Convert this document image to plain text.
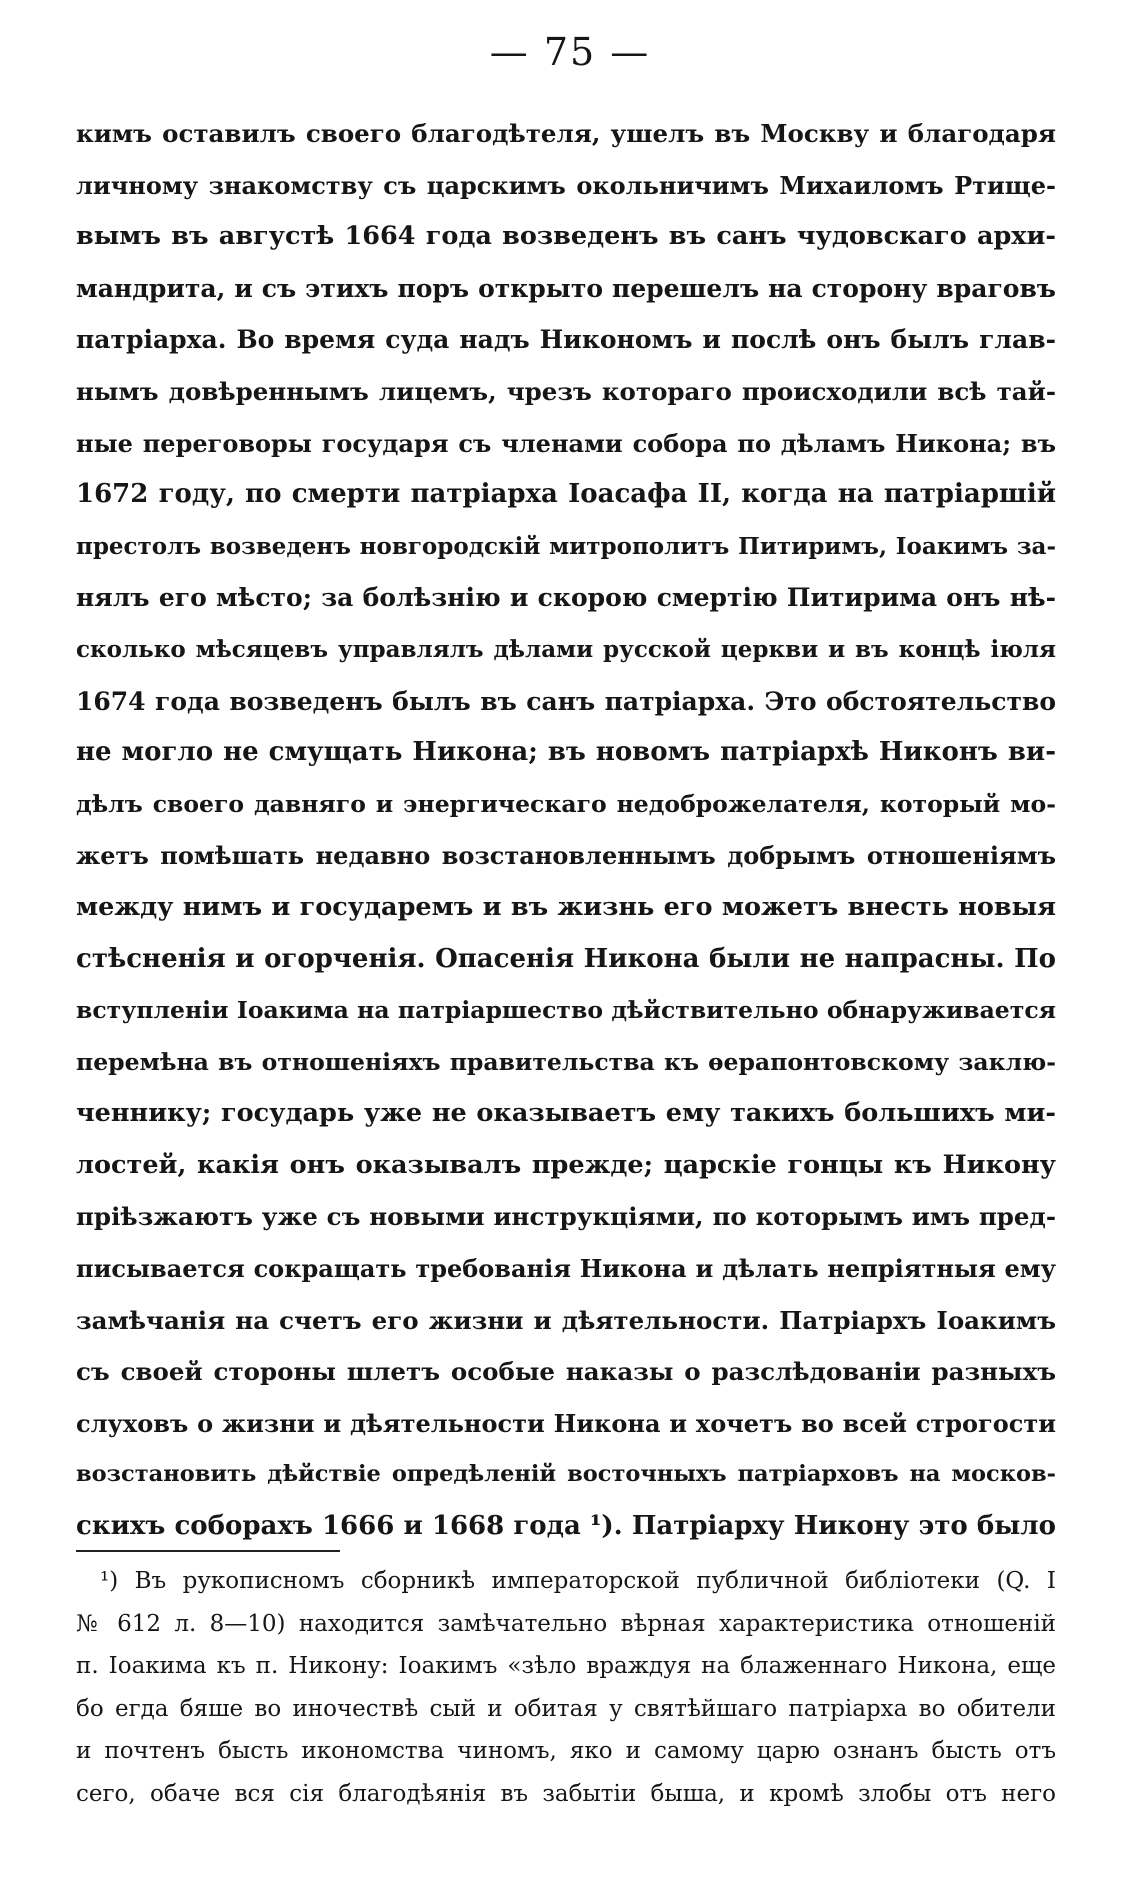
— 75 —
кимъ оставилъ своего благодѣтеля, ушелъ въ Москву и благодаря
личному знакомству съ царскимъ окольничимъ Михаиломъ Ртище-
вымъ въ августѣ 1664 года возведенъ въ санъ чудовскаго архи-
мандрита, и съ этихъ поръ открыто перешелъ на сторону враговъ
патріарха. Во время суда надъ Никономъ и послѣ онъ былъ глав-
нымъ довѣреннымъ лицемъ, чрезъ котораго происходили всѣ тай-
ные переговоры государя съ членами собора по дѣламъ Никона; въ
1672 году, по смерти патріарха Іоасафа II, когда на патріаршій
престолъ возведенъ новгородскій митрополитъ Питиримъ, Іоакимъ за-
нялъ его мѣсто; за болѣзнію и скорою смертію Питирима онъ нѣ-
сколько мѣсяцевъ управлялъ дѣлами русской церкви и въ концѣ іюля
1674 года возведенъ былъ въ санъ патріарха. Это обстоятельство
не могло не смущать Никона; въ новомъ патріархѣ Никонъ ви-
дѣлъ своего давняго и энергическаго недоброжелателя, который мо-
жетъ помѣшать недавно возстановленнымъ добрымъ отношеніямъ
между нимъ и государемъ и въ жизнь его можетъ внесть новыя
стѣсненія и огорченія. Опасенія Никона были не напрасны. По
вступленіи Іоакима на патріаршество дѣйствительно обнаруживается
перемѣна въ отношеніяхъ правительства къ ѳерапонтовскому заклю-
ченнику; государь уже не оказываетъ ему такихъ большихъ ми-
лостей, какія онъ оказывалъ прежде; царскіе гонцы къ Никону
пріѣзжаютъ уже съ новыми инструкціями, по которымъ имъ пред-
писывается сокращать требованія Никона и дѣлать непріятныя ему
замѣчанія на счетъ его жизни и дѣятельности. Патріархъ Іоакимъ
съ своей стороны шлетъ особые наказы о разслѣдованіи разныхъ
слуховъ о жизни и дѣятельности Никона и хочетъ во всей строгости
возстановить дѣйствіе опредѣленій восточныхъ патріарховъ на москов-
скихъ соборахъ 1666 и 1668 года ¹). Патріарху Никону это было
¹) Въ рукописномъ сборникѣ императорской публичной библіотеки (Q. I
№ 612 л. 8—10) находится замѣчательно вѣрная характеристика отношеній
п. Іоакима къ п. Никону: Іоакимъ «зѣло враждуя на блаженнаго Никона, еще
бо егда бяше во иночествѣ сый и обитая у святѣйшаго патріарха во обители
и почтенъ бысть икономства чиномъ, яко и самому царю ознанъ бысть отъ
сего, обаче вся сія благодѣянія въ забытіи быша, и кромѣ злобы отъ него
